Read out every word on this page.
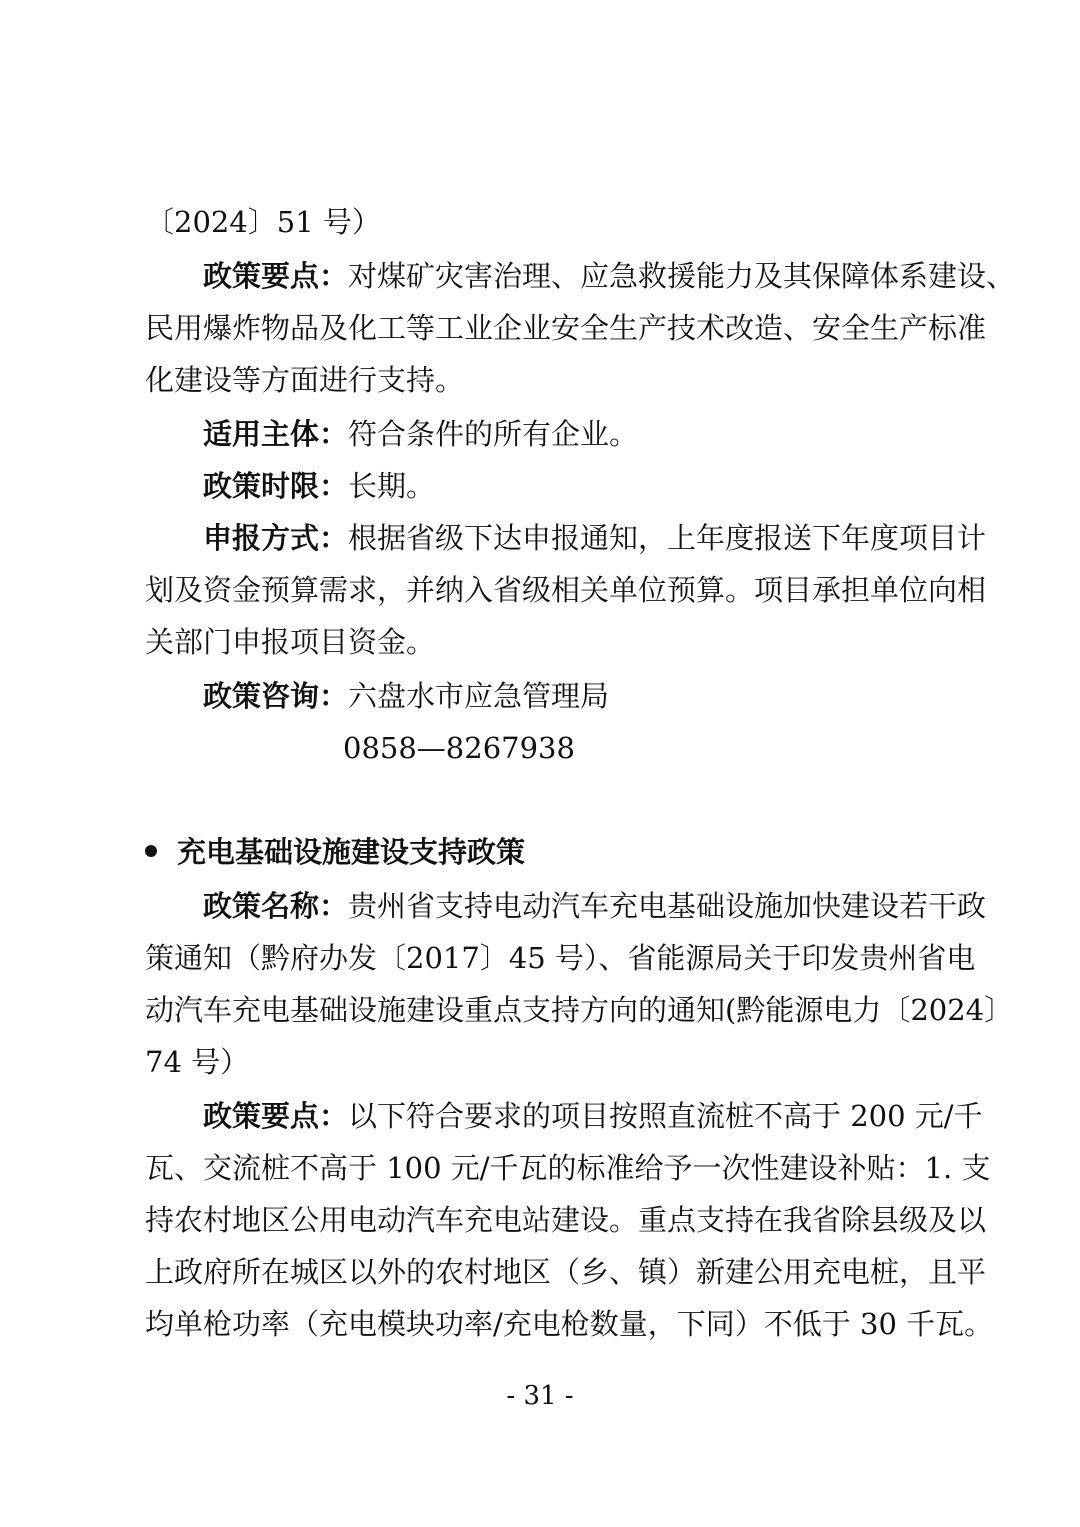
〔2024〕51 号）
政策要点：对煤矿灾害治理、应急救援能力及其保障体系建设、
民用爆炸物品及化工等工业企业安全生产技术改造、安全生产标准
化建设等方面进行支持。
适用主体：符合条件的所有企业。
政策时限：长期。
申报方式：根据省级下达申报通知，上年度报送下年度项目计
划及资金预算需求，并纳入省级相关单位预算。项目承担单位向相
关部门申报项目资金。
政策咨询：六盘水市应急管理局
0858—8267938
充电基础设施建设支持政策
政策名称：贵州省支持电动汽车充电基础设施加快建设若干政
策通知（黔府办发〔2017〕45 号）、省能源局关于印发贵州省电
动汽车充电基础设施建设重点支持方向的通知(黔能源电力〔2024〕
74 号）
政策要点：以下符合要求的项目按照直流桩不高于 200 元/千
瓦、交流桩不高于 100 元/千瓦的标准给予一次性建设补贴：1. 支
持农村地区公用电动汽车充电站建设。重点支持在我省除县级及以
上政府所在城区以外的农村地区（乡、镇）新建公用充电桩，且平
均单枪功率（充电模块功率/充电枪数量，下同）不低于 30 千瓦。
- 31 -
